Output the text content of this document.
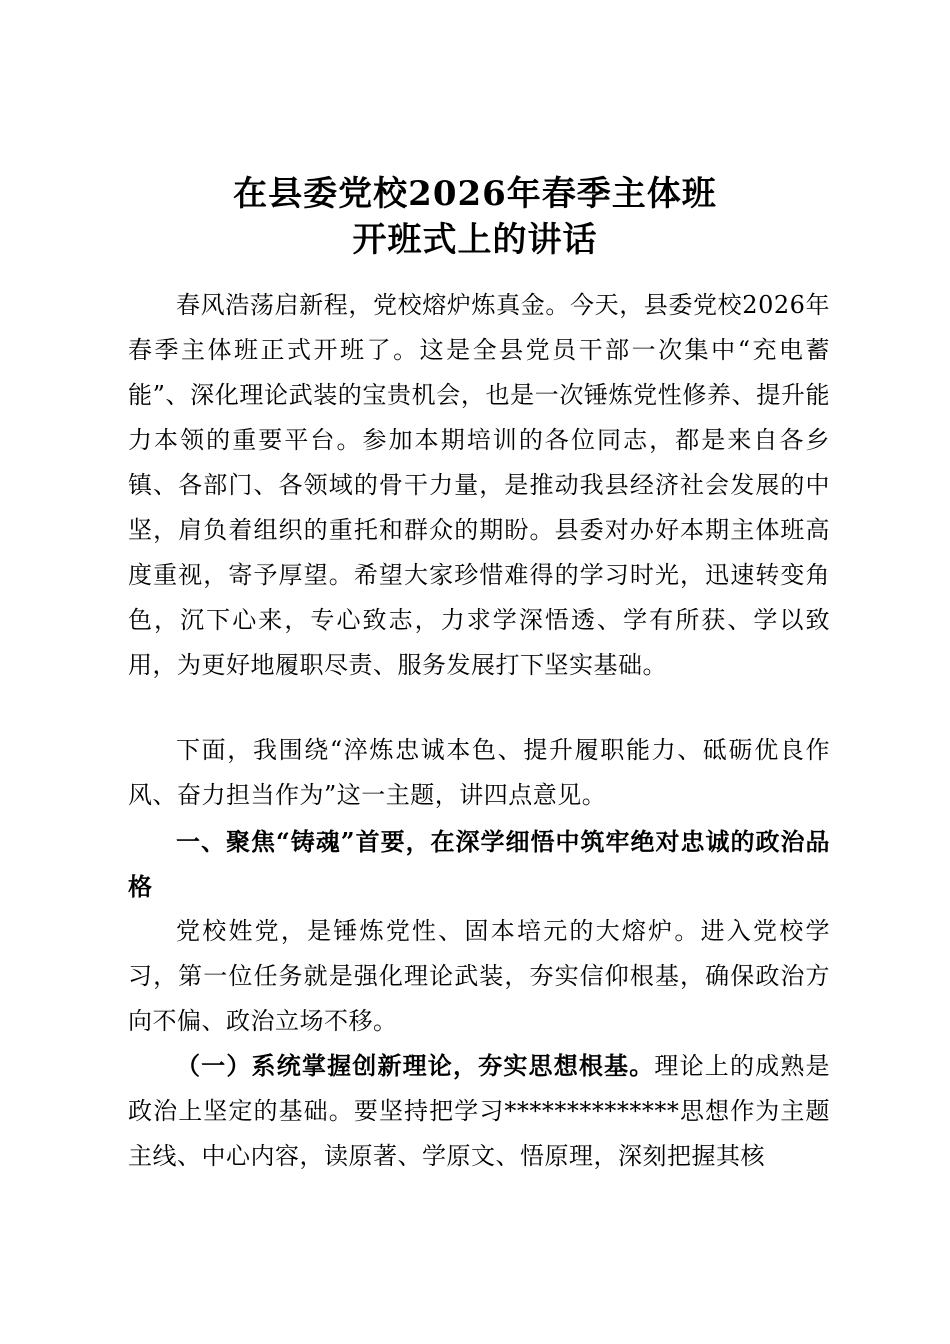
在县委党校2026年春季主体班
开班式上的讲话

春风浩荡启新程，党校熔炉炼真金。今天，县委党校2026年春季主体班正式开班了。这是全县党员干部一次集中“充电蓄能”、深化理论武装的宝贵机会，也是一次锤炼党性修养、提升能力本领的重要平台。参加本期培训的各位同志，都是来自各乡镇、各部门、各领域的骨干力量，是推动我县经济社会发展的中坚，肩负着组织的重托和群众的期盼。县委对办好本期主体班高度重视，寄予厚望。希望大家珍惜难得的学习时光，迅速转变角色，沉下心来，专心致志，力求学深悟透、学有所获、学以致用，为更好地履职尽责、服务发展打下坚实基础。

下面，我围绕“淬炼忠诚本色、提升履职能力、砥砺优良作风、奋力担当作为”这一主题，讲四点意见。

一、聚焦“铸魂”首要，在深学细悟中筑牢绝对忠诚的政治品格

党校姓党，是锤炼党性、固本培元的大熔炉。进入党校学习，第一位任务就是强化理论武装，夯实信仰根基，确保政治方向不偏、政治立场不移。

（一）系统掌握创新理论，夯实思想根基。理论上的成熟是政治上坚定的基础。要坚持把学习**************思想作为主题主线、中心内容，读原著、学原文、悟原理，深刻把握其核
